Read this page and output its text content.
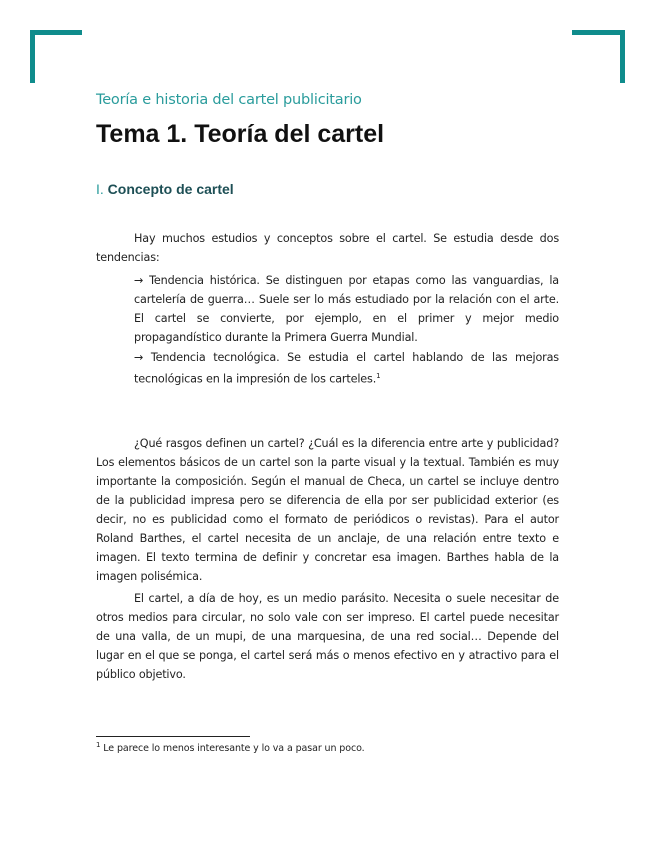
Teoría e historia del cartel publicitario
Tema 1. Teoría del cartel
I. Concepto de cartel
Hay muchos estudios y conceptos sobre el cartel. Se estudia desde dos tendencias:
→ Tendencia histórica. Se distinguen por etapas como las vanguardias, la cartelería de guerra… Suele ser lo más estudiado por la relación con el arte. El cartel se convierte, por ejemplo, en el primer y mejor medio propagandístico durante la Primera Guerra Mundial.
→ Tendencia tecnológica. Se estudia el cartel hablando de las mejoras tecnológicas en la impresión de los carteles.$^1$
¿Qué rasgos definen un cartel? ¿Cuál es la diferencia entre arte y publicidad? Los elementos básicos de un cartel son la parte visual y la textual. También es muy importante la composición. Según el manual de Checa, un cartel se incluye dentro de la publicidad impresa pero se diferencia de ella por ser publicidad exterior (es decir, no es publicidad como el formato de periódicos o revistas). Para el autor Roland Barthes, el cartel necesita de un anclaje, de una relación entre texto e imagen. El texto termina de definir y concretar esa imagen. Barthes habla de la imagen polisémica.
El cartel, a día de hoy, es un medio parásito. Necesita o suele necesitar de otros medios para circular, no solo vale con ser impreso. El cartel puede necesitar de una valla, de un mupi, de una marquesina, de una red social… Depende del lugar en el que se ponga, el cartel será más o menos efectivo en y atractivo para el público objetivo.
$^1$ Le parece lo menos interesante y lo va a pasar un poco.
